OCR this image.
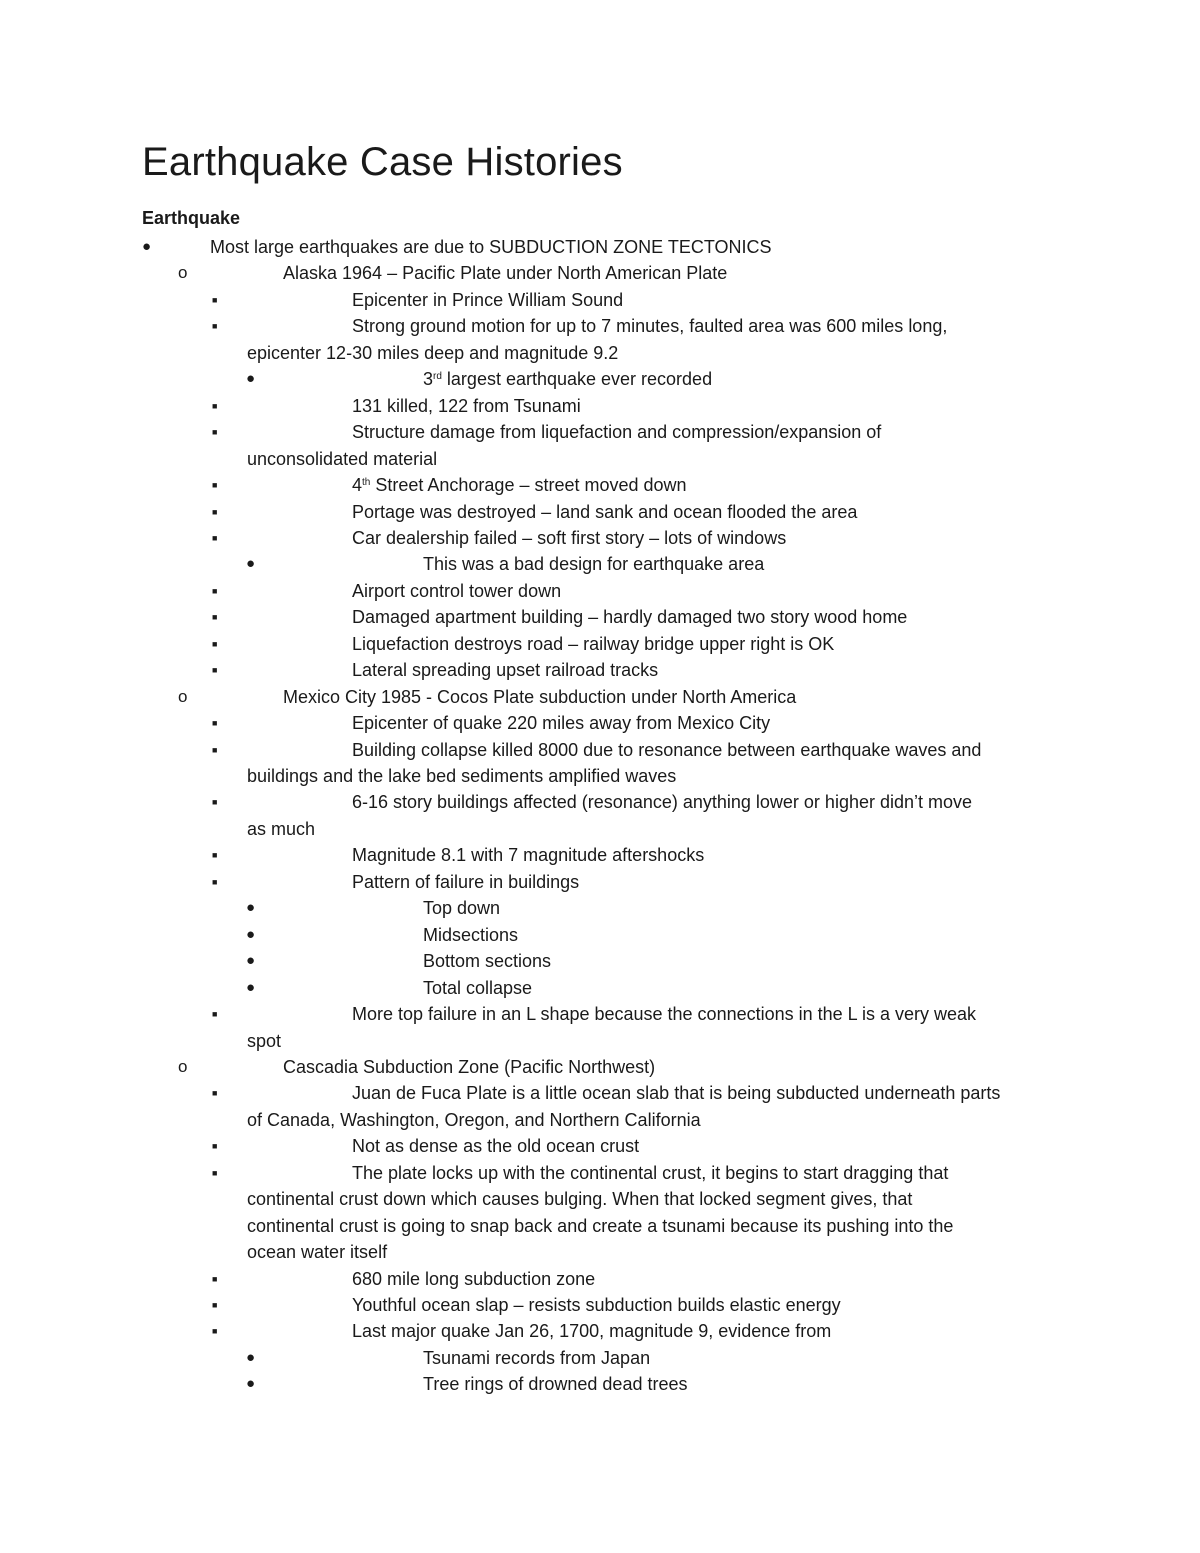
Earthquake Case Histories
Earthquake
●	Most large earthquakes are due to SUBDUCTION ZONE TECTONICS
o	Alaska 1964 – Pacific Plate under North American Plate
■	Epicenter in Prince William Sound
■	Strong ground motion for up to 7 minutes, faulted area was 600 miles long,
epicenter 12-30 miles deep and magnitude 9.2
●	3rd largest earthquake ever recorded
■	131 killed, 122 from Tsunami
■	Structure damage from liquefaction and compression/expansion of
unconsolidated material
■	4th Street Anchorage – street moved down
■	Portage was destroyed – land sank and ocean flooded the area
■	Car dealership failed – soft first story – lots of windows
●	This was a bad design for earthquake area
■	Airport control tower down
■	Damaged apartment building – hardly damaged two story wood home
■	Liquefaction destroys road – railway bridge upper right is OK
■	Lateral spreading upset railroad tracks
o	Mexico City 1985 - Cocos Plate subduction under North America
■	Epicenter of quake 220 miles away from Mexico City
■	Building collapse killed 8000 due to resonance between earthquake waves and
buildings and the lake bed sediments amplified waves
■	6-16 story buildings affected (resonance) anything lower or higher didn’t move
as much
■	Magnitude 8.1 with 7 magnitude aftershocks
■	Pattern of failure in buildings
●	Top down
●	Midsections
●	Bottom sections
●	Total collapse
■	More top failure in an L shape because the connections in the L is a very weak
spot
o	Cascadia Subduction Zone (Pacific Northwest)
■	Juan de Fuca Plate is a little ocean slab that is being subducted underneath parts
of Canada, Washington, Oregon, and Northern California
■	Not as dense as the old ocean crust
■	The plate locks up with the continental crust, it begins to start dragging that
continental crust down which causes bulging. When that locked segment gives, that
continental crust is going to snap back and create a tsunami because its pushing into the
ocean water itself
■	680 mile long subduction zone
■	Youthful ocean slap – resists subduction builds elastic energy
■	Last major quake Jan 26, 1700, magnitude 9, evidence from
●	Tsunami records from Japan
●	Tree rings of drowned dead trees
